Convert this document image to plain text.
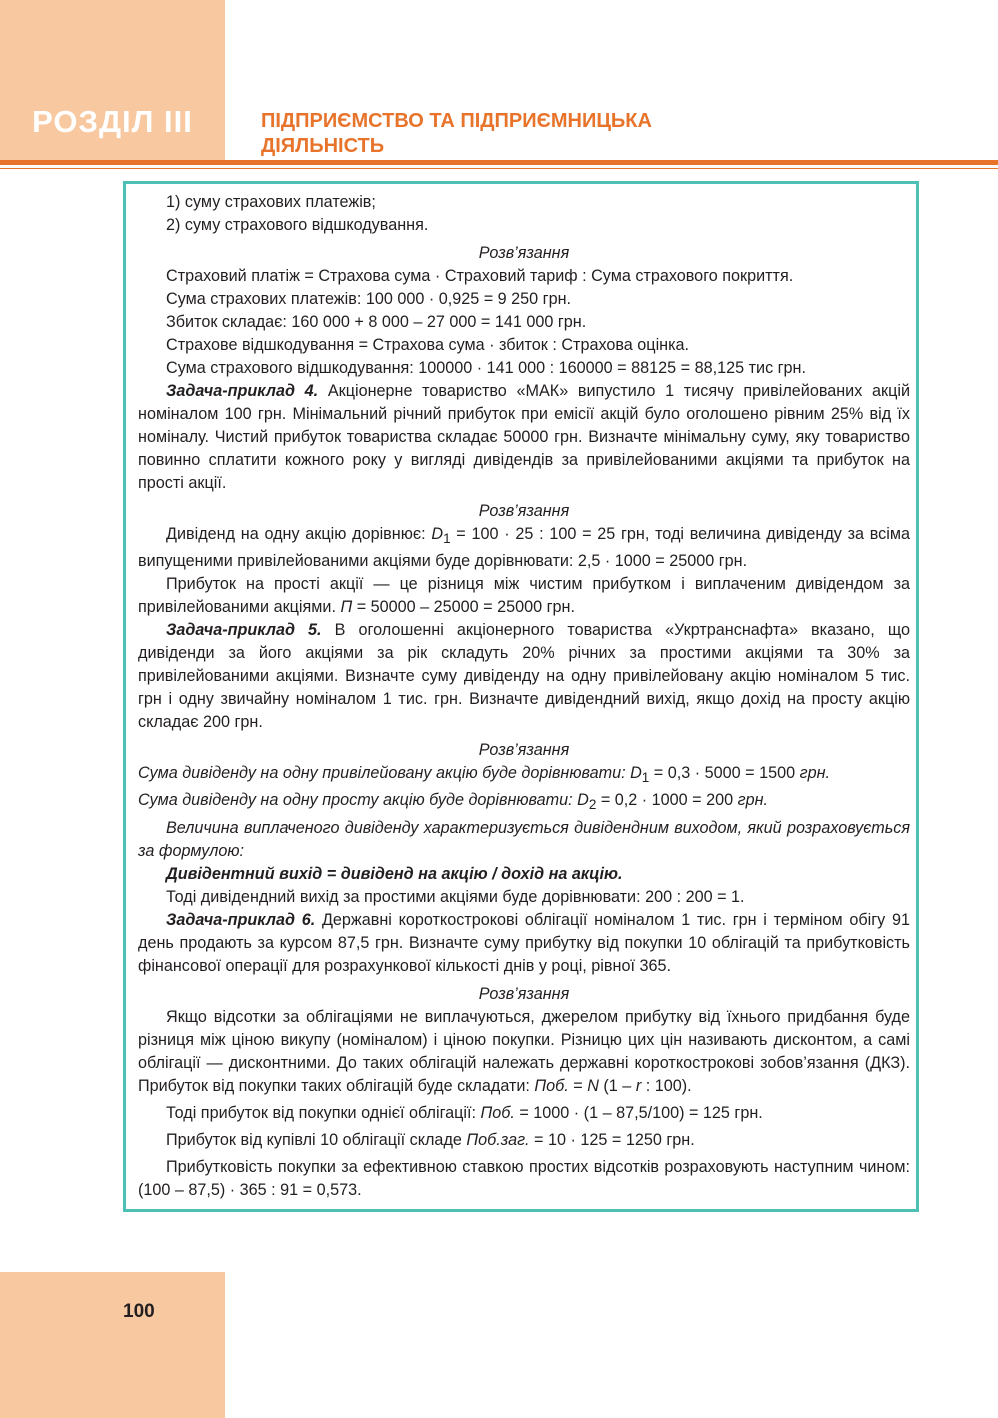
РОЗДІЛ III	ПІДПРИЄМСТВО ТА ПІДПРИЄМНИЦЬКА
ДІЯЛЬНІСТЬ

1) суму страхових платежів;

2) суму страхового відшкодування.

Розв’язання

Страховий платіж = Страхова сума · Страховий тариф : Сума страхового покриття.

Сума страхових платежів: 100 000 · 0,925 = 9 250 грн.

Збиток складає: 160 000 + 8 000 – 27 000 = 141 000 грн.

Страхове відшкодування = Страхова сума · збиток : Страхова оцінка.

Сума страхового відшкодування: 100000 · 141 000 : 160000 = 88125 = 88,125 тис грн.

Задача-приклад 4. Акціонерне товариство «МАК» випустило 1 тисячу привілейованих акцій номіналом 100 грн. Мінімальний річний прибуток при емісії акцій було оголошено рівним 25% від їх номіналу. Чистий прибуток товариства складає 50000 грн. Визначте мінімальну суму, яку товариство повинно сплатити кожного року у вигляді дивідендів за привілейованими акціями та прибуток на прості акції.

Розв’язання

Дивіденд на одну акцію дорівнює: $D_1 = 100 \cdot 25$ : 100 = 25 грн, тоді величина дивіденду за всіма випущеними привілейованими акціями буде дорівнювати: 2,5 · 1000 = 25000 грн.

Прибуток на прості акції — це різниця між чистим прибутком і виплаченим дивідендом за привілейованими акціями. П = 50000 – 25000 = 25000 грн.

Задача-приклад 5. В оголошенні акціонерного товариства «Укртранснафта» вказано, що дивіденди за його акціями за рік складуть 20% річних за простими акціями та 30% за привілейованими акціями. Визначте суму дивіденду на одну привілейовану акцію номіналом 5 тис. грн і одну звичайну номіналом 1 тис. грн. Визначте дивідендний вихід, якщо дохід на просту акцію складає 200 грн.

Розв’язання

Сума дивіденду на одну привілейовану акцію буде дорівнювати: $D_1 = 0,3 \cdot 5000 = 1500$ грн.

Сума дивіденду на одну просту акцію буде дорівнювати: $D_2 = 0,2 \cdot 1000 = 200$ грн.

Величина виплаченого дивіденду характеризується дивідендним виходом, який розраховується за формулою:

Дивідентний вихід = дивіденд на акцію / дохід на акцію.

Тоді дивідендний вихід за простими акціями буде дорівнювати: 200 : 200 = 1.

Задача-приклад 6. Державні короткострокові облігації номіналом 1 тис. грн і терміном обігу 91 день продають за курсом 87,5 грн. Визначте суму прибутку від покупки 10 облігацій та прибутковість фінансової операції для розрахункової кількості днів у році, рівної 365.

Розв’язання

Якщо відсотки за облігаціями не виплачуються, джерелом прибутку від їхнього придбання буде різниця між ціною викупу (номіналом) і ціною покупки. Різницю цих цін називають дисконтом, а самі облігації — дисконтними. До таких облігацій належать державні короткострокові зобов’язання (ДКЗ). Прибуток від покупки таких облігацій буде складати: Поб. = N (1 – r : 100).

Тоді прибуток від покупки однієї облігації: Поб. = 1000 · (1 – 87,5/100) = 125 грн.

Прибуток від купівлі 10 облігації складе Поб.заг. = 10 · 125 = 1250 грн.

Прибутковість покупки за ефективною ставкою простих відсотків розраховують наступним чином: (100 – 87,5) · 365 : 91 = 0,573.

100
